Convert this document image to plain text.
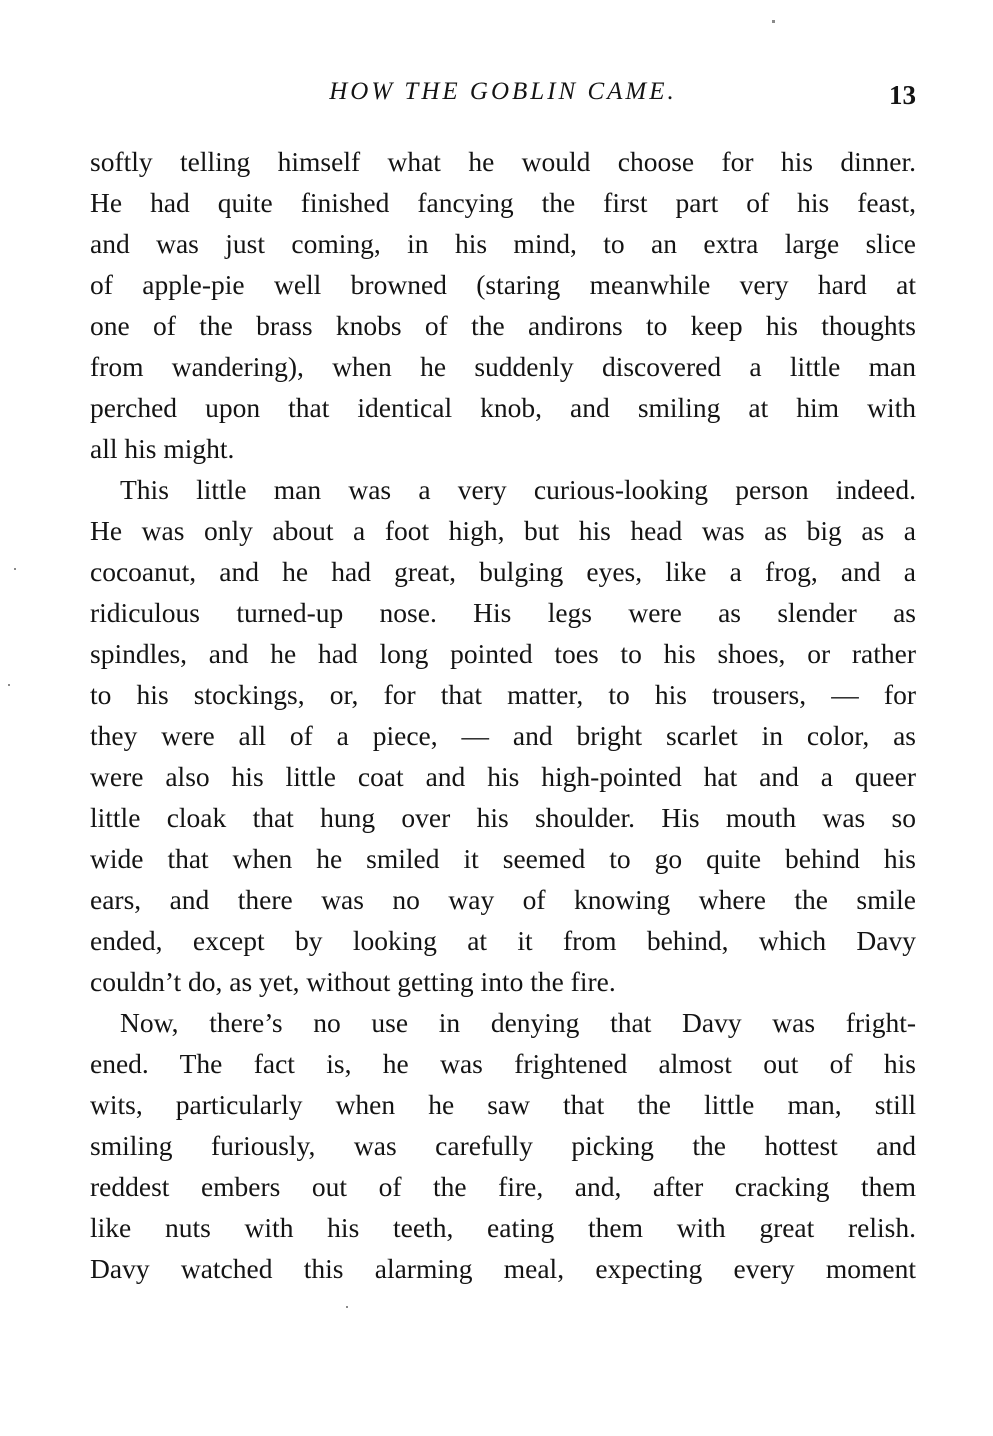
HOW THE GOBLIN CAME.	13
softly telling himself what he would choose for his dinner.
He had quite finished fancying the first part of his feast,
and was just coming, in his mind, to an extra large slice
of apple-pie well browned (staring meanwhile very hard at
one of the brass knobs of the andirons to keep his thoughts
from wandering), when he suddenly discovered a little man
perched upon that identical knob, and smiling at him with
all his might.
This little man was a very curious-looking person indeed.
He was only about a foot high, but his head was as big as a
cocoanut, and he had great, bulging eyes, like a frog, and a
ridiculous turned-up nose. His legs were as slender as
spindles, and he had long pointed toes to his shoes, or rather
to his stockings, or, for that matter, to his trousers, — for
they were all of a piece, — and bright scarlet in color, as
were also his little coat and his high-pointed hat and a queer
little cloak that hung over his shoulder. His mouth was so
wide that when he smiled it seemed to go quite behind his
ears, and there was no way of knowing where the smile
ended, except by looking at it from behind, which Davy
couldn’t do, as yet, without getting into the fire.
Now, there’s no use in denying that Davy was fright-
ened. The fact is, he was frightened almost out of his
wits, particularly when he saw that the little man, still
smiling furiously, was carefully picking the hottest and
reddest embers out of the fire, and, after cracking them
like nuts with his teeth, eating them with great relish.
Davy watched this alarming meal, expecting every moment
